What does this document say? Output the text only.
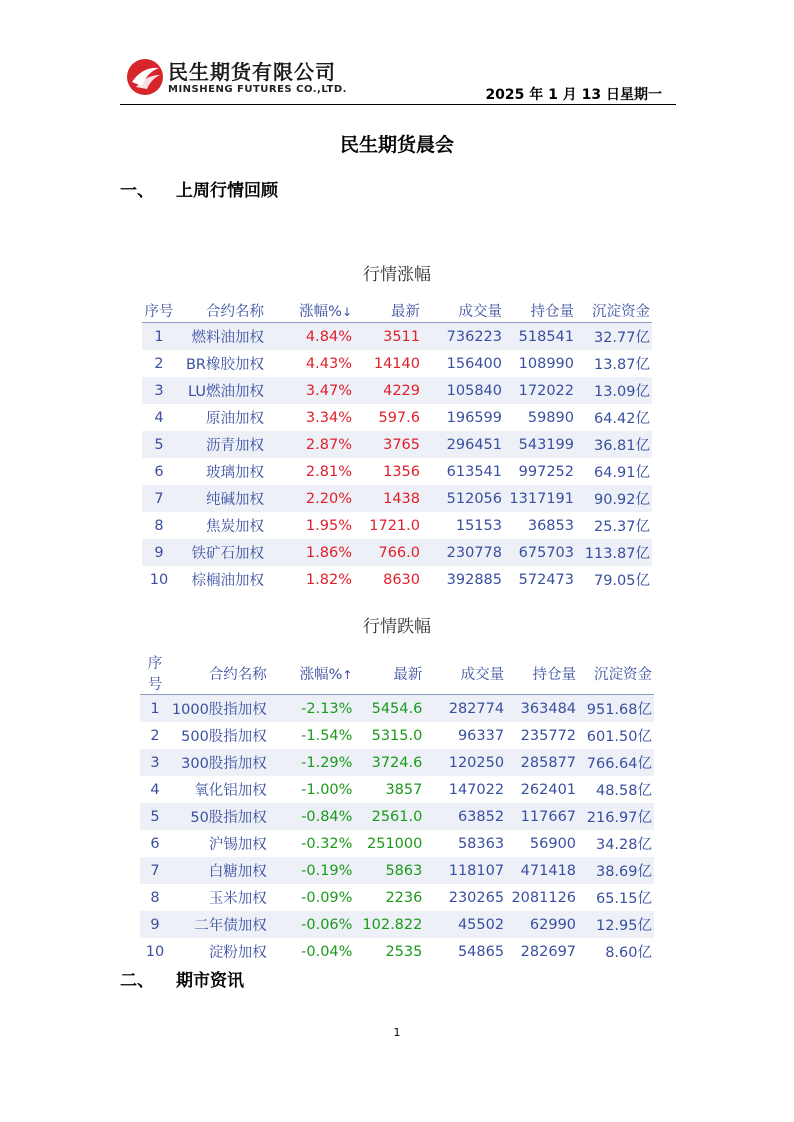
民生期货有限公司
MINSHENG FUTURES CO.,LTD.	2025 年 1 月 13 日星期一
民生期货晨会
一、 上周行情回顾
行情涨幅
序号	合约名称	涨幅%↓	最新	成交量	持仓量	沉淀资金
1	燃料油加权	4.84%	3511	736223	518541	32.77亿
2	BR橡胶加权	4.43%	14140	156400	108990	13.87亿
3	LU燃油加权	3.47%	4229	105840	172022	13.09亿
4	原油加权	3.34%	597.6	196599	59890	64.42亿
5	沥青加权	2.87%	3765	296451	543199	36.81亿
6	玻璃加权	2.81%	1356	613541	997252	64.91亿
7	纯碱加权	2.20%	1438	512056	1317191	90.92亿
8	焦炭加权	1.95%	1721.0	15153	36853	25.37亿
9	铁矿石加权	1.86%	766.0	230778	675703	113.87亿
10	棕榈油加权	1.82%	8630	392885	572473	79.05亿
行情跌幅
序号	合约名称	涨幅%↑	最新	成交量	持仓量	沉淀资金
1	1000股指加权	-2.13%	5454.6	282774	363484	951.68亿
2	500股指加权	-1.54%	5315.0	96337	235772	601.50亿
3	300股指加权	-1.29%	3724.6	120250	285877	766.64亿
4	氧化铝加权	-1.00%	3857	147022	262401	48.58亿
5	50股指加权	-0.84%	2561.0	63852	117667	216.97亿
6	沪锡加权	-0.32%	251000	58363	56900	34.28亿
7	白糖加权	-0.19%	5863	118107	471418	38.69亿
8	玉米加权	-0.09%	2236	230265	2081126	65.15亿
9	二年债加权	-0.06%	102.822	45502	62990	12.95亿
10	淀粉加权	-0.04%	2535	54865	282697	8.60亿
二、 期市资讯
1
